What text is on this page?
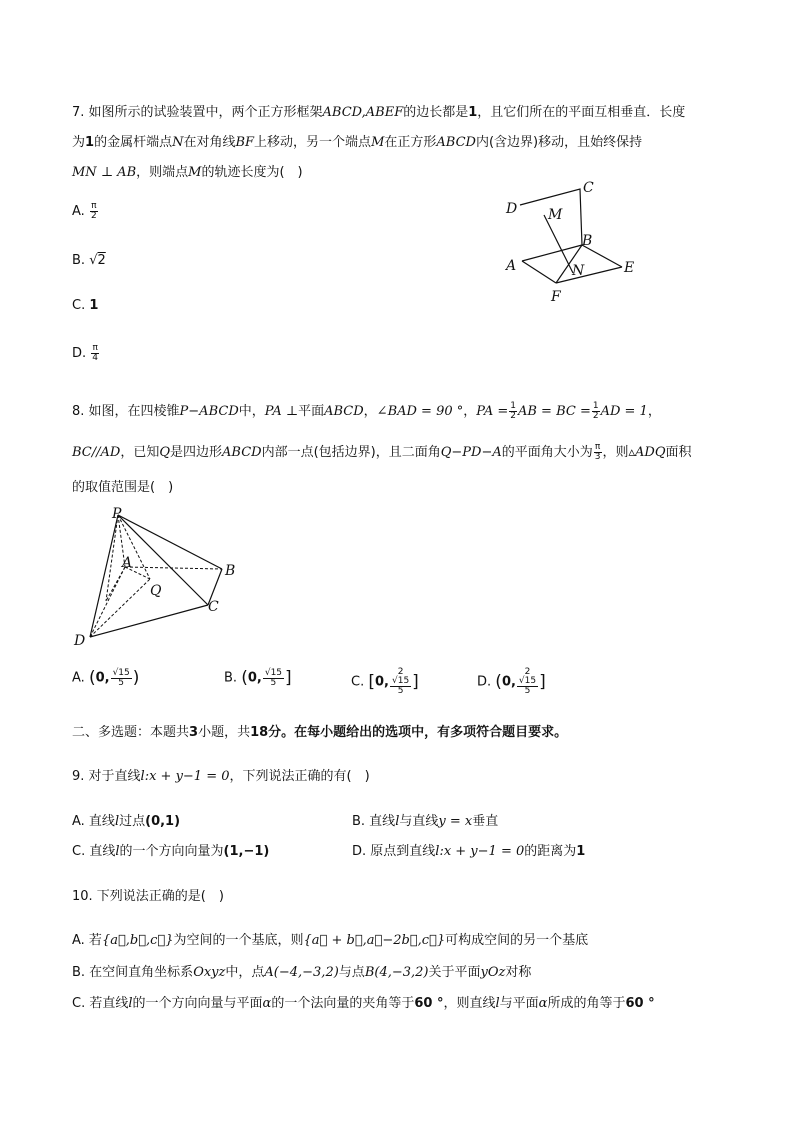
7. 如图所示的试验装置中，两个正方形框架ABCD,ABEF的边长都是1，且它们所在的平面互相垂直．长度
为1的金属杆端点N在对角线BF上移动，另一个端点M在正方形ABCD内(含边界)移动，且始终保持
MN ⊥ AB，则端点M的轨迹长度为(　)
A. $\frac{\pi}{2}$
B. √2
C. 1
D. $\frac{\pi}{4}$
D
C
M
B
A	N	E
F
8. 如图，在四棱锥P−ABCD中，PA ⊥平面ABCD，∠BAD = 90 °，PA = $\frac{1}{2}$ AB = BC = $\frac{1}{2}$ AD = 1，
BC//AD，已知Q是四边形ABCD内部一点(包括边界)，且二面角Q−PD−A的平面角大小为 $\frac{\pi}{3}$ ，则▵ADQ面积
的取值范围是(　)
P
A	B
Q
C
D
A. (0, $\frac{√15}{5}$ )	B. (0, $\frac{√15}{5}$ ]	C. [0, 2
√15
5 ]	D. (0, 2
√15
5 ]
二、多选题：本题共3小题，共18分。在每小题给出的选项中，有多项符合题目要求。
9. 对于直线l:x + y−1 = 0，下列说法正确的有(　)
A. 直线l过点(0,1)	B. 直线l与直线y = x垂直
C. 直线l的一个方向向量为(1,−1)	D. 原点到直线l:x + y−1 = 0的距离为1
10. 下列说法正确的是(　)
A. 若{a⃗,b⃗,c⃗}为空间的一个基底，则{a⃗ + b⃗,a⃗−2b⃗,c⃗}可构成空间的另一个基底
B. 在空间直角坐标系Oxyz中，点A(−4,−3,2)与点B(4,−3,2)关于平面yOz对称
C. 若直线l的一个方向向量与平面α的一个法向量的夹角等于60 °，则直线l与平面α所成的角等于60 °
